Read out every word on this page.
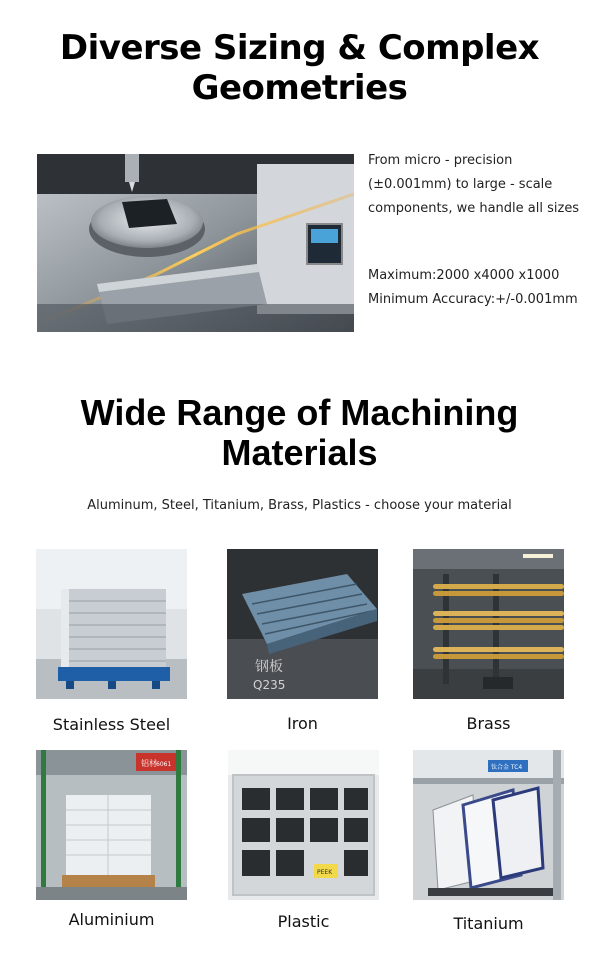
Diverse Sizing & Complex
Geometries
From micro - precision (±0.001mm) to large - scale components, we handle all sizes
Maximum:2000 x4000 x1000
Minimum Accuracy:+/-0.001mm
Wide Range of Machining
Materials
Aluminum, Steel, Titanium, Brass, Plastics - choose your material
Stainless Steel
钢板
Q235
Iron	Brass
铝材 6061
Aluminium
PEEK
Plastic
钛合金 TC4
Titanium
